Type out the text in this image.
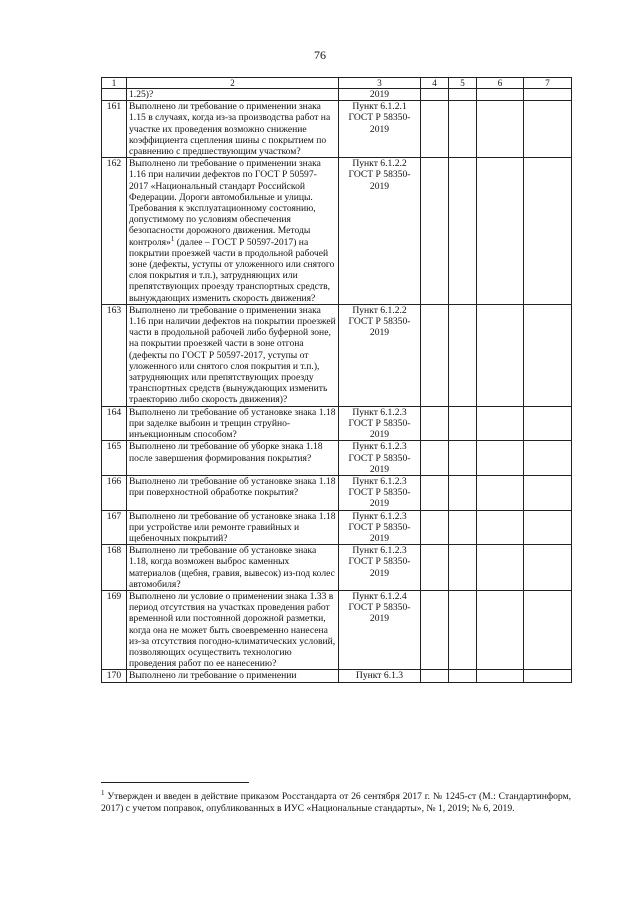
76
1	2	3	4	5	6	7
	1.25)?	2019				
161	Выполнено ли требование о применении знака 1.15 в случаях, когда из-за производства работ на участке их проведения возможно снижение коэффициента сцепления шины с покрытием по сравнению с предшествующим участком?	Пункт 6.1.2.1 ГОСТ Р 58350-2019				
162	Выполнено ли требование о применении знака 1.16 при наличии дефектов по ГОСТ Р 50597-2017 «Национальный стандарт Российской Федерации. Дороги автомобильные и улицы. Требования к эксплуатационному состоянию, допустимому по условиям обеспечения безопасности дорожного движения. Методы контроля»$^1$ (далее – ГОСТ Р 50597-2017) на покрытии проезжей части в продольной рабочей зоне (дефекты, уступы от уложенного или снятого слоя покрытия и т.п.), затрудняющих или препятствующих проезду транспортных средств, вынуждающих изменить скорость движения?	Пункт 6.1.2.2 ГОСТ Р 58350-2019				
163	Выполнено ли требование о применении знака 1.16 при наличии дефектов на покрытии проезжей части в продольной рабочей либо буферной зоне, на покрытии проезжей части в зоне отгона (дефекты по ГОСТ Р 50597-2017, уступы от уложенного или снятого слоя покрытия и т.п.), затрудняющих или препятствующих проезду транспортных средств (вынуждающих изменить траекторию либо скорость движения)?	Пункт 6.1.2.2 ГОСТ Р 58350-2019				
164	Выполнено ли требование об установке знака 1.18 при заделке выбоин и трещин струйно-инъекционным способом?	Пункт 6.1.2.3 ГОСТ Р 58350-2019				
165	Выполнено ли требование об уборке знака 1.18 после завершения формирования покрытия?	Пункт 6.1.2.3 ГОСТ Р 58350-2019				
166	Выполнено ли требование об установке знака 1.18 при поверхностной обработке покрытия?	Пункт 6.1.2.3 ГОСТ Р 58350-2019				
167	Выполнено ли требование об установке знака 1.18 при устройстве или ремонте гравийных и щебеночных покрытий?	Пункт 6.1.2.3 ГОСТ Р 58350-2019				
168	Выполнено ли требование об установке знака 1.18, когда возможен выброс каменных материалов (щебня, гравия, вывесок) из-под колес автомобиля?	Пункт 6.1.2.3 ГОСТ Р 58350-2019				
169	Выполнено ли условие о применении знака 1.33 в период отсутствия на участках проведения работ временной или постоянной дорожной разметки, когда она не может быть своевременно нанесена из-за отсутствия погодно-климатических условий, позволяющих осуществить технологию проведения работ по ее нанесению?	Пункт 6.1.2.4 ГОСТ Р 58350-2019				
170	Выполнено ли требование о применении	Пункт 6.1.3				
$^1$ Утвержден и введен в действие приказом Росстандарта от 26 сентября 2017 г. № 1245-ст (М.: Стандартинформ, 2017) с учетом поправок, опубликованных в ИУС «Национальные стандарты», № 1, 2019; № 6, 2019.
